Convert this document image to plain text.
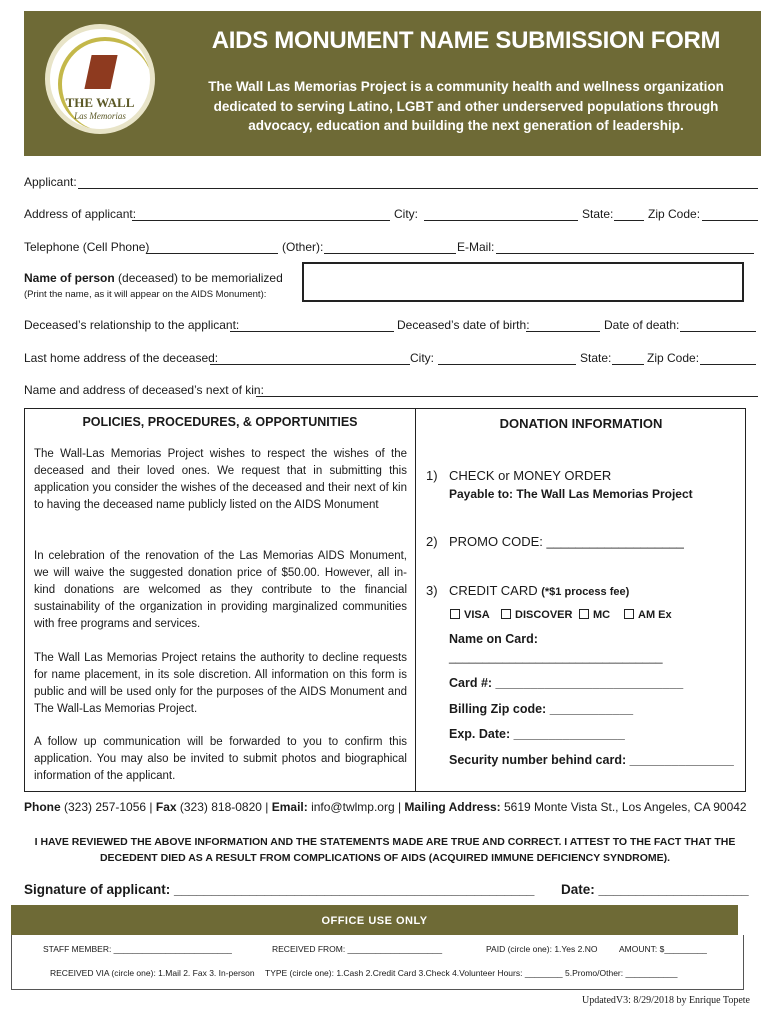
THE WALL
Las Memorias
AIDS MONUMENT NAME SUBMISSION FORM
The Wall Las Memorias Project is a community health and wellness organization dedicated to serving Latino, LGBT and other underserved populations through advocacy, education and building the next generation of leadership.
Applicant:
Address of applicant:	City:	State:	Zip Code:
Telephone (Cell Phone)	(Other):	E-Mail:
Name of person (deceased) to be memorialized
(Print the name, as it will appear on the AIDS Monument):
Deceased’s relationship to the applicant:	Deceased’s date of birth:	Date of death:
Last home address of the deceased:	City:	State:	Zip Code:
Name and address of deceased’s next of kin:
POLICIES, PROCEDURES, & OPPORTUNITIES
The Wall-Las Memorias Project wishes to respect the wishes of the deceased and their loved ones. We request that in submitting this application you consider the wishes of the deceased and their next of kin to having the deceased name publicly listed on the AIDS Monument
In celebration of the renovation of the Las Memorias AIDS Monument, we will waive the suggested donation price of $50.00. However, all in-kind donations are welcomed as they contribute to the financial sustainability of the organization in providing marginalized communities with free programs and services.
The Wall Las Memorias Project retains the authority to decline requests for name placement, in its sole discretion. All information on this form is public and will be used only for the purposes of the AIDS Monument and The Wall-Las Memorias Project.
A follow up communication will be forwarded to you to confirm this application. You may also be invited to submit photos and biographical information of the applicant.
DONATION INFORMATION
1) CHECK or MONEY ORDER
Payable to: The Wall Las Memorias Project
2) PROMO CODE: ___________________
3) CREDIT CARD (*$1 process fee)
VISA	DISCOVER	MC	AM Ex
Name on Card:
________________________________
Card #: ___________________________
Billing Zip code: ____________
Exp. Date: ________________
Security number behind card: _______________
Phone (323) 257-1056 | Fax (323) 818-0820 | Email: info@twlmp.org | Mailing Address: 5619 Monte Vista St., Los Angeles, CA 90042
I HAVE REVIEWED THE ABOVE INFORMATION AND THE STATEMENTS MADE ARE TRUE AND CORRECT. I ATTEST TO THE FACT THAT THE
DECEDENT DIED AS A RESULT FROM COMPLICATIONS OF AIDS (ACQUIRED IMMUNE DEFICIENCY SYNDROME).
Signature of applicant: ________________________________________________ Date: ____________________
OFFICE USE ONLY
STAFF MEMBER: _________________________	RECEIVED FROM: ____________________	PAID (circle one): 1.Yes 2.NO	AMOUNT: $_________
RECEIVED VIA (circle one): 1.Mail 2. Fax 3. In-person TYPE (circle one): 1.Cash 2.Credit Card 3.Check 4.Volunteer Hours: ________ 5.Promo/Other: ___________
UpdatedV3: 8/29/2018 by Enrique Topete
